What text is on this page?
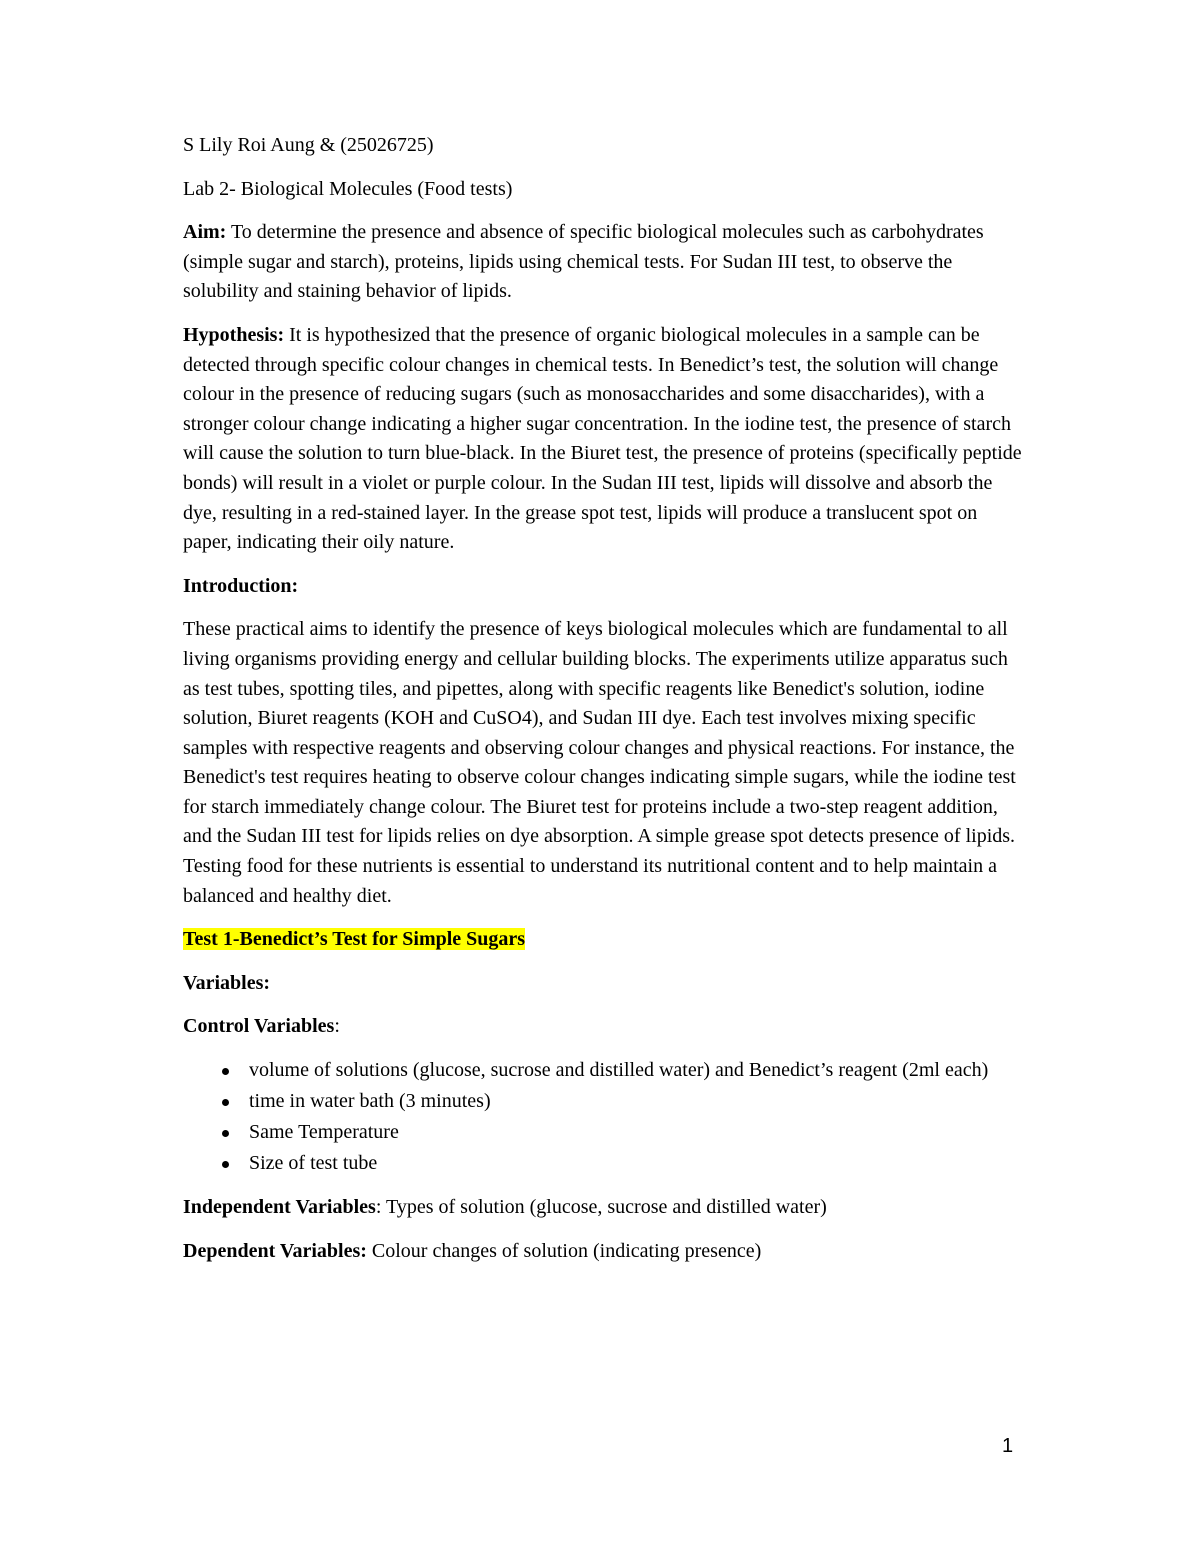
S Lily Roi Aung & (25026725)

Lab 2- Biological Molecules (Food tests)

Aim: To determine the presence and absence of specific biological molecules such as carbohydrates (simple sugar and starch), proteins, lipids using chemical tests. For Sudan III test, to observe the solubility and staining behavior of lipids.

Hypothesis: It is hypothesized that the presence of organic biological molecules in a sample can be detected through specific colour changes in chemical tests. In Benedict’s test, the solution will change colour in the presence of reducing sugars (such as monosaccharides and some disaccharides), with a stronger colour change indicating a higher sugar concentration. In the iodine test, the presence of starch will cause the solution to turn blue-black. In the Biuret test, the presence of proteins (specifically peptide bonds) will result in a violet or purple colour. In the Sudan III test, lipids will dissolve and absorb the dye, resulting in a red-stained layer. In the grease spot test, lipids will produce a translucent spot on paper, indicating their oily nature.

Introduction:

These practical aims to identify the presence of keys biological molecules which are fundamental to all living organisms providing energy and cellular building blocks. The experiments utilize apparatus such as test tubes, spotting tiles, and pipettes, along with specific reagents like Benedict's solution, iodine solution, Biuret reagents (KOH and CuSO4), and Sudan III dye. Each test involves mixing specific samples with respective reagents and observing colour changes and physical reactions. For instance, the Benedict's test requires heating to observe colour changes indicating simple sugars, while the iodine test for starch immediately change colour. The Biuret test for proteins include a two-step reagent addition, and the Sudan III test for lipids relies on dye absorption. A simple grease spot detects presence of lipids. Testing food for these nutrients is essential to understand its nutritional content and to help maintain a balanced and healthy diet.

Test 1-Benedict’s Test for Simple Sugars

Variables:

Control Variables:

volume of solutions (glucose, sucrose and distilled water) and Benedict’s reagent (2ml each)
time in water bath (3 minutes)
Same Temperature
Size of test tube

Independent Variables: Types of solution (glucose, sucrose and distilled water)

Dependent Variables: Colour changes of solution (indicating presence)

1
